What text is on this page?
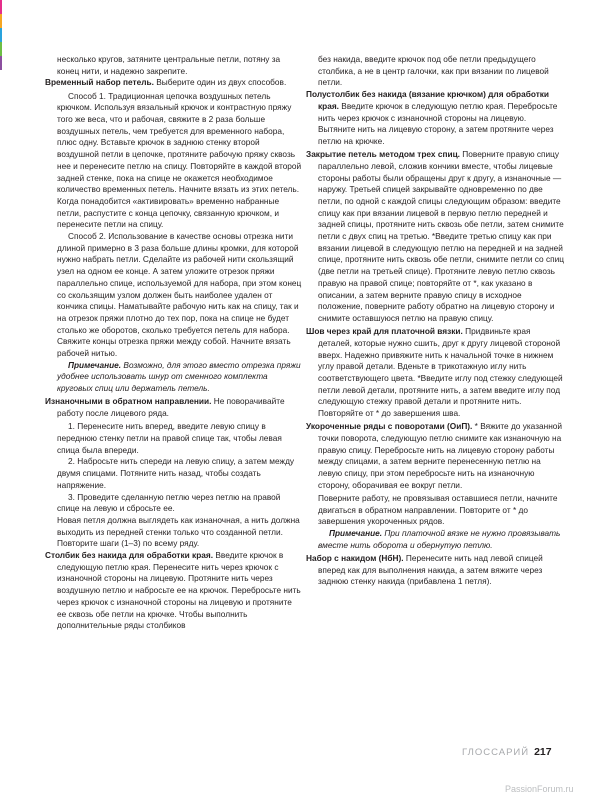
несколько кругов, затяните центральные петли, потяну за конец нити, и надежно закрепите.

Временный набор петель. Выберите один из двух способов.

Способ 1. Традиционная цепочка воздушных петель крючком. Используя вязальный крючок и контрастную пряжу того же веса, что и рабочая, свяжите в 2 раза больше воздушных петель, чем требуется для временного набора, плюс одну. Вставьте крючок в заднюю стенку второй воздушной петли в цепочке, протяните рабочую пряжу сквозь нее и перенесите петлю на спицу. Повторяйте в каждой второй задней стенке, пока на спице не окажется необходимое количество временных петель. Начните вязать из этих петель. Когда понадобится «активировать» временно набранные петли, распустите с конца цепочку, связанную крючком, и перенесите петли на спицу.

Способ 2. Использование в качестве основы отрезка нити длиной примерно в 3 раза больше длины кромки, для которой нужно набрать петли. Сделайте из рабочей нити скользящий узел на одном ее конце. А затем уложите отрезок пряжи параллельно спице, используемой для набора, при этом конец со скользящим узлом должен быть наиболее удален от кончика спицы. Наматывайте рабочую нить как на спицу, так и на отрезок пряжи плотно до тех пор, пока на спице не будет столько же оборотов, сколько требуется петель для набора. Свяжите концы отрезка пряжи между собой. Начните вязать рабочей нитью.

Примечание. Возможно, для этого вместо отрезка пряжи удобнее использовать шнур от сменного комплекта круговых спиц или держатель петель.

Изнаночными в обратном направлении. Не поворачивайте работу после лицевого ряда.

1. Перенесите нить вперед, введите левую спицу в переднюю стенку петли на правой спице так, чтобы левая спица была впереди.

2. Набросьте нить спереди на левую спицу, а затем между двумя спицами. Потяните нить назад, чтобы создать напряжение.

3. Проведите сделанную петлю через петлю на правой спице на левую и сбросьте ее.

Новая петля должна выглядеть как изнаночная, а нить должна выходить из передней стенки только что созданной петли.

Повторите шаги (1–3) по всему ряду.

Столбик без накида для обработки края. Введите крючок в следующую петлю края. Перенесите нить через крючок с изнаночной стороны на лицевую. Протяните нить через воздушную петлю и набросьте ее на крючок. Перебросьте нить через крючок с изнаночной стороны на лицевую и протяните ее сквозь обе петли на крючке. Чтобы выполнить дополнительные ряды столбиков

без накида, введите крючок под обе петли предыдущего столбика, а не в центр галочки, как при вязании по лицевой петли.

Полустолбик без накида (вязание крючком) для обработки края. Введите крючок в следующую петлю края. Перебросьте нить через крючок с изнаночной стороны на лицевую. Вытяните нить на лицевую сторону, а затем протяните через петлю на крючке.
Закрытие петель методом трех спиц. Поверните правую спицу параллельно левой, сложив кончики вместе, чтобы лицевые стороны работы были обращены друг к другу, а изнаночные — наружу. Третьей спицей закрывайте одновременно по две петли, по одной с каждой спицы следующим образом: введите спицу как при вязании лицевой в первую петлю передней и задней спицы, протяните нить сквозь обе петли, затем снимите петли с двух спиц на третью. *Введите третью спицу как при вязании лицевой в следующую петлю на передней и на задней спице, протяните нить сквозь обе петли, снимите петли со спиц (две петли на третьей спице). Протяните левую петлю сквозь правую на правой спице; повторяйте от *, как указано в описании, а затем верните правую спицу в исходное положение, поверните работу обратно на лицевую сторону и снимите оставшуюся петлю на правую спицу.
Шов через край для платочной вязки. Придвиньте края деталей, которые нужно сшить, друг к другу лицевой стороной вверх. Надежно привяжите нить к начальной точке в нижнем углу правой детали. Вденьте в трикотажную иглу нить соответствующего цвета. *Введите иглу под стежку следующей петли левой детали, протяните нить, а затем введите иглу под следующую стежку правой детали и протяните нить. Повторяйте от * до завершения шва.
Укороченные ряды с поворотами (ОиП). * Вяжите до указанной точки поворота, следующую петлю снимите как изнаночную на правую спицу. Перебросьте нить на лицевую сторону работы между спицами, а затем верните перенесенную петлю на левую спицу, при этом перебросьте нить на изнаночную сторону, оборачивая ее вокруг петли.

Поверните работу, не провязывая оставшиеся петли, начните двигаться в обратном направлении. Повторите от * до завершения укороченных рядов.

Примечание. При платочной вязке не нужно провязывать вместе нить оборота и обернутую петлю.

Набор с накидом (НбН). Перенесите нить над левой спицей вперед как для выполнения накида, а затем вяжите через заднюю стенку накида (прибавлена 1 петля).
ГЛОССАРИЙ 217
PassionForum.ru
